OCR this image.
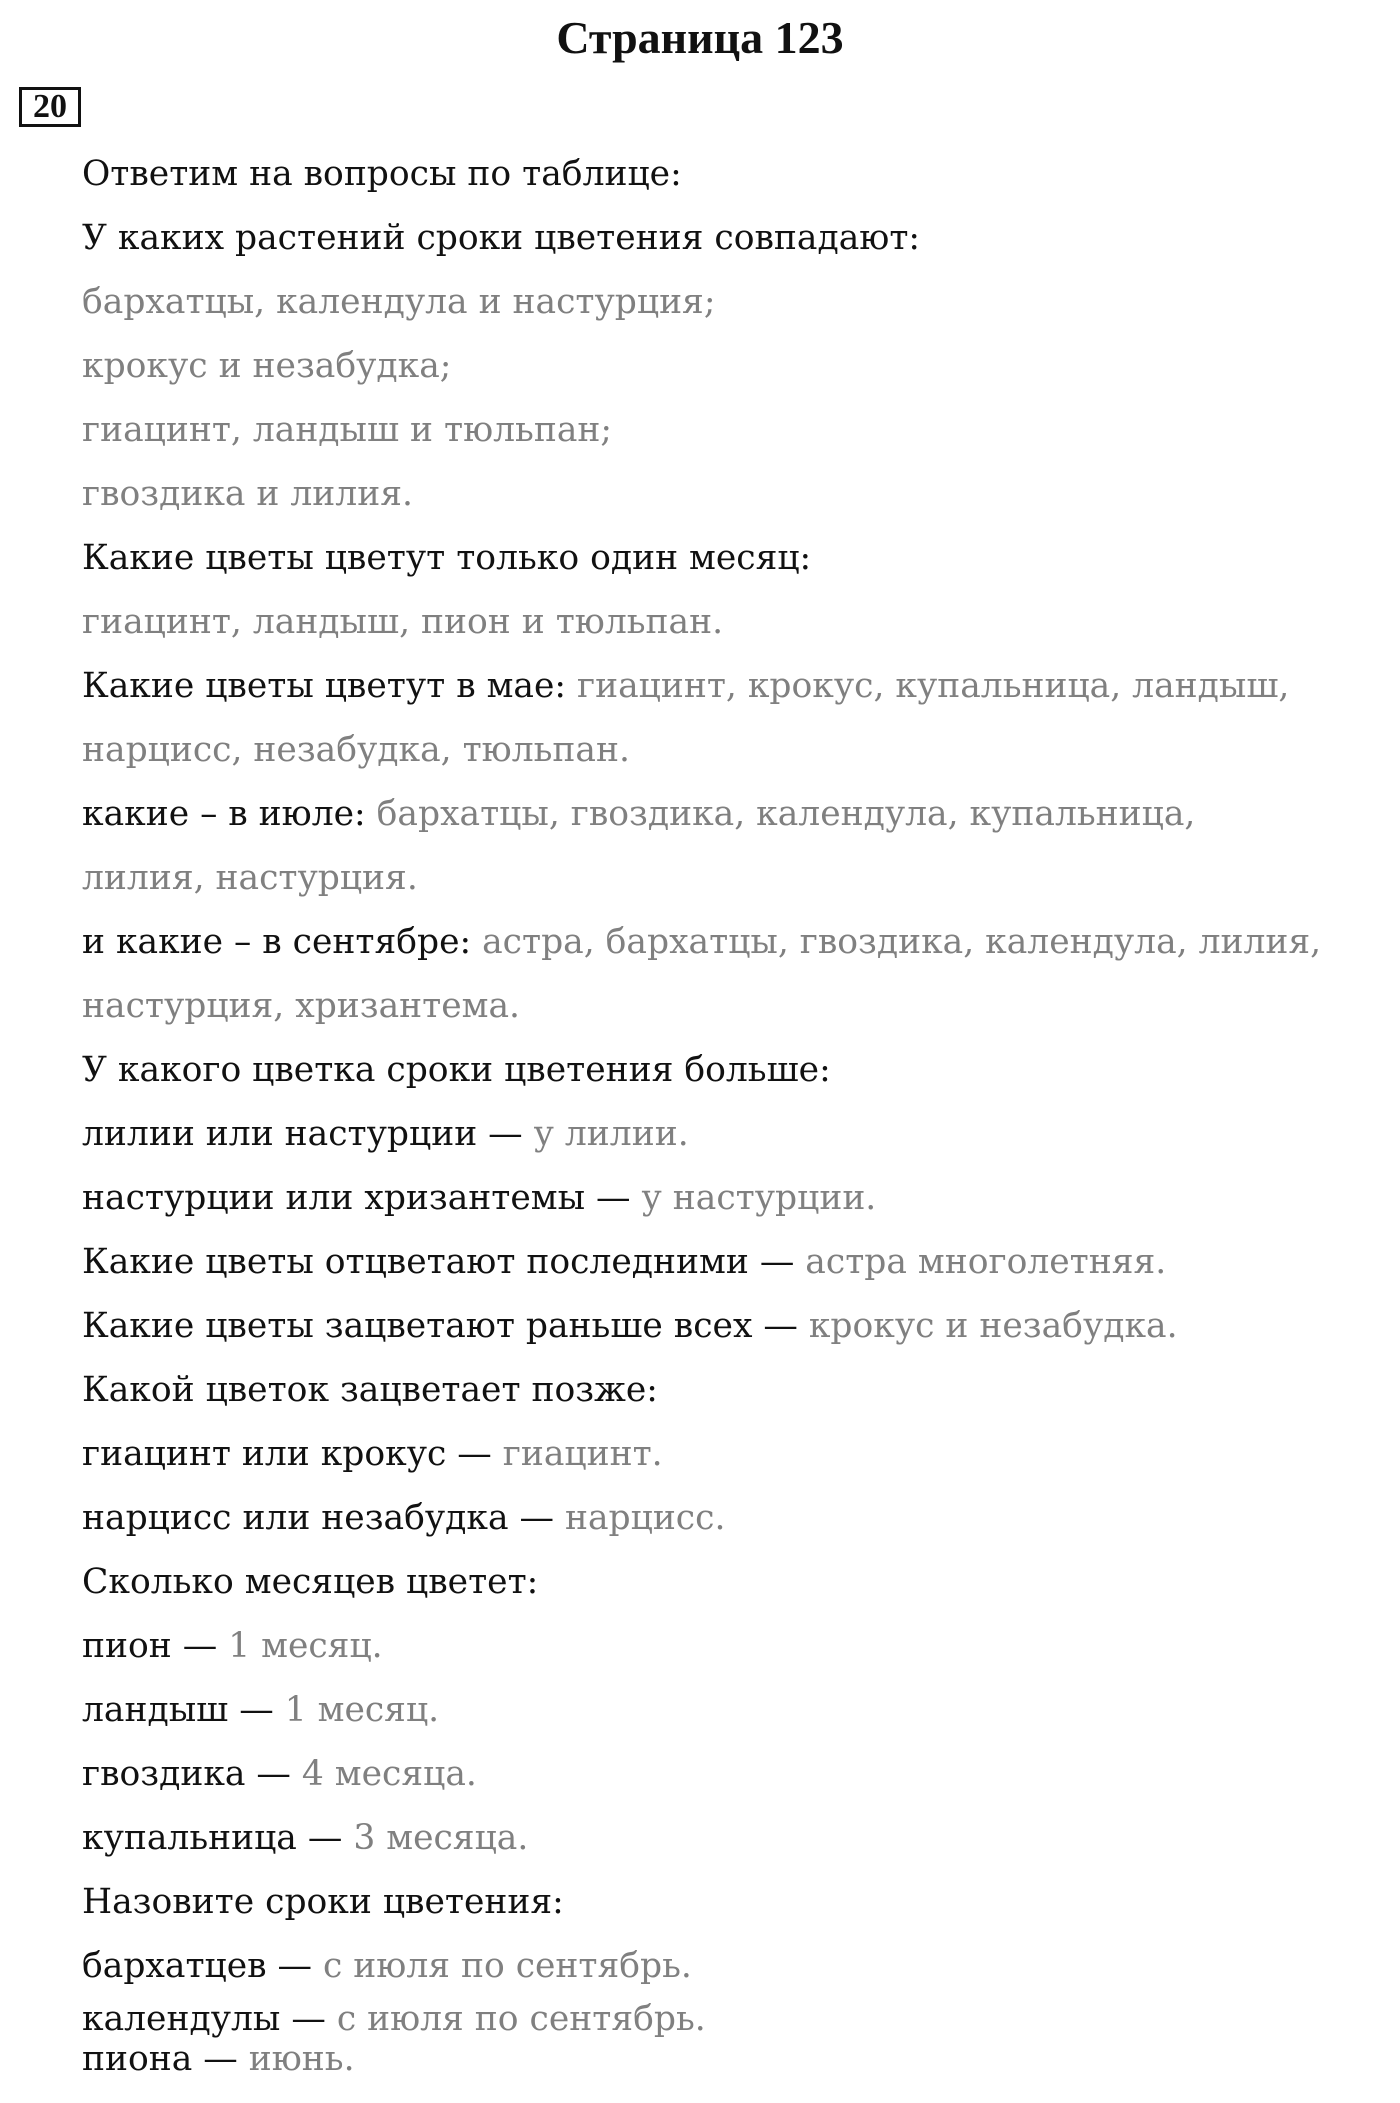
Страница 123
20
Ответим на вопросы по таблице:
У каких растений сроки цветения совпадают:
бархатцы, календула и настурция;
крокус и незабудка;
гиацинт, ландыш и тюльпан;
гвоздика и лилия.
Какие цветы цветут только один месяц:
гиацинт, ландыш, пион и тюльпан.
Какие цветы цветут в мае: гиацинт, крокус, купальница, ландыш,
нарцисс, незабудка, тюльпан.
какие – в июле: бархатцы, гвоздика, календула, купальница,
лилия, настурция.
и какие – в сентябре: астра, бархатцы, гвоздика, календула, лилия,
настурция, хризантема.
У какого цветка сроки цветения больше:
лилии или настурции — у лилии.
настурции или хризантемы — у настурции.
Какие цветы отцветают последними — астра многолетняя.
Какие цветы зацветают раньше всех — крокус и незабудка.
Какой цветок зацветает позже:
гиацинт или крокус — гиацинт.
нарцисс или незабудка — нарцисс.
Сколько месяцев цветет:
пион — 1 месяц.
ландыш — 1 месяц.
гвоздика — 4 месяца.
купальница — 3 месяца.
Назовите сроки цветения:
бархатцев — с июля по сентябрь.
календулы — с июля по сентябрь.
пиона — июнь.
